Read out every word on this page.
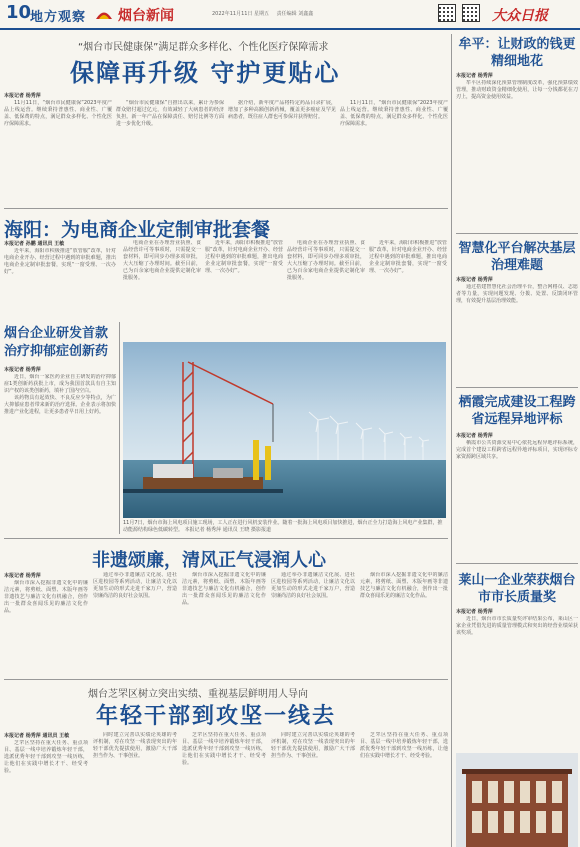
10
地方观察 烟台新闻	2022年11月11日 星期五 责任编辑 刘鑫鑫	大众日报
“烟台市民健康保”满足群众多样化、个性化医疗保障需求
保障再升级 守护更贴心
本报记者 杨秀萍

11月11日，“烟台市民健康保”2023年度产品上线运营。继续秉持普惠性、商业性、广覆盖、低保费的特点，满足群众多样化、个性化医疗保障需求。

“烟台市民健康保”自推出以来，累计为参保群众赔付超过亿元，有效减轻了大病患者的经济负担。新一年产品在保障责任、赔付比例等方面进一步优化升级。

据介绍，新年度产品将特定药品目录扩展，增加了多种高额创新药械，覆盖更多癌症及罕见病患者，既往症人群也可参保并获得赔付。

11月11日，“烟台市民健康保”2023年度产品上线运营。继续秉持普惠性、商业性、广覆盖、低保费的特点，满足群众多样化、个性化医疗保障需求。

海阳：为电商企业定制审批套餐
本报记者 孙鹏 通讯员 王敏

近年来，海阳市积极推进“放管服”改革，针对电商企业开办、经营过程中遇到的审批难题，推出电商企业定制审批套餐，实现“一窗受理、一次办好”。

电商企业在办理营业执照、食品经营许可等事项时，只需提交一套材料，即可同步办理多项审批，大大压缩了办理时间。截至目前，已为百余家电商企业提供定制化审批服务。

近年来，海阳市积极推进“放管服”改革，针对电商企业开办、经营过程中遇到的审批难题，推出电商企业定制审批套餐，实现“一窗受理、一次办好”。

电商企业在办理营业执照、食品经营许可等事项时，只需提交一套材料，即可同步办理多项审批，大大压缩了办理时间。截至目前，已为百余家电商企业提供定制化审批服务。

近年来，海阳市积极推进“放管服”改革，针对电商企业开办、经营过程中遇到的审批难题，推出电商企业定制审批套餐，实现“一窗受理、一次办好”。

烟台企业研发首款治疗抑郁症创新药
本报记者 杨秀萍

近日，烟台一家医药企业自主研发的治疗抑郁症1类创新药获批上市，成为我国首款具有自主知识产权的该类创新药，填补了国内空白。

该药物具有起效快、不良反应少等特点，为广大抑郁症患者带来新的治疗选择。企业表示将加快推进产业化进程，让更多患者早日用上好药。

11月7日，烟台市海上风电项目施工现场，工人正在进行风机安装作业。随着一批海上风电项目加快推进，烟台正全力打造海上风电产业集群，推动能源结构绿色低碳转型。 本报记者 杨秀萍 通讯员 王晓 摄影报道
非遗颂廉，清风正气浸润人心
本报记者 杨秀萍

烟台市深入挖掘非遗文化中的廉洁元素，将剪纸、面塑、木版年画等非遗技艺与廉洁文化有机融合，创作出一批群众喜闻乐见的廉洁文化作品。

通过举办非遗廉洁文化展、进社区进校园等系列活动，让廉洁文化以更加生动的形式走进千家万户，营造崇廉尚洁的良好社会氛围。

烟台市深入挖掘非遗文化中的廉洁元素，将剪纸、面塑、木版年画等非遗技艺与廉洁文化有机融合，创作出一批群众喜闻乐见的廉洁文化作品。

通过举办非遗廉洁文化展、进社区进校园等系列活动，让廉洁文化以更加生动的形式走进千家万户，营造崇廉尚洁的良好社会氛围。

烟台市深入挖掘非遗文化中的廉洁元素，将剪纸、面塑、木版年画等非遗技艺与廉洁文化有机融合，创作出一批群众喜闻乐见的廉洁文化作品。

烟台芝罘区树立突出实绩、重视基层鲜明用人导向
年轻干部到攻坚一线去
本报记者 杨秀萍 通讯员 王敏

芝罘区坚持在重大任务、重点项目、基层一线中培养锻炼年轻干部，选派优秀年轻干部到攻坚一线历练，让他们在实践中增长才干、经受考验。

同时建立完善以实绩论英雄的考评机制，对在攻坚一线表现突出的年轻干部优先提拔使用，激励广大干部担当作为、干事创业。

芝罘区坚持在重大任务、重点项目、基层一线中培养锻炼年轻干部，选派优秀年轻干部到攻坚一线历练，让他们在实践中增长才干、经受考验。

同时建立完善以实绩论英雄的考评机制，对在攻坚一线表现突出的年轻干部优先提拔使用，激励广大干部担当作为、干事创业。

芝罘区坚持在重大任务、重点项目、基层一线中培养锻炼年轻干部，选派优秀年轻干部到攻坚一线历练，让他们在实践中增长才干、经受考验。

牟平：让财政的钱更精细地花
本报记者 杨秀萍

牟平区持续深化预算管理制度改革，强化预算绩效管理，推动财政资金精细化使用，让每一分钱都花在刀刃上，提高资金使用效益。

智慧化平台解决基层治理难题
本报记者 杨秀萍

通过搭建智慧化社会治理平台，整合网格员、志愿者等力量，实现问题发现、分拨、处置、反馈闭环管理，有效提升基层治理效能。

栖霞完成建设工程跨省远程异地评标
本报记者 杨秀萍

栖霞市公共资源交易中心依托远程异地评标系统，完成首个建设工程跨省远程异地评标项目，实现评标专家资源跨区域共享。

莱山一企业荣获烟台市市长质量奖
本报记者 杨秀萍

近日，烟台市市长质量奖评审结果公布，莱山区一家企业凭借先进的质量管理模式和突出的经营业绩荣获该奖项。
